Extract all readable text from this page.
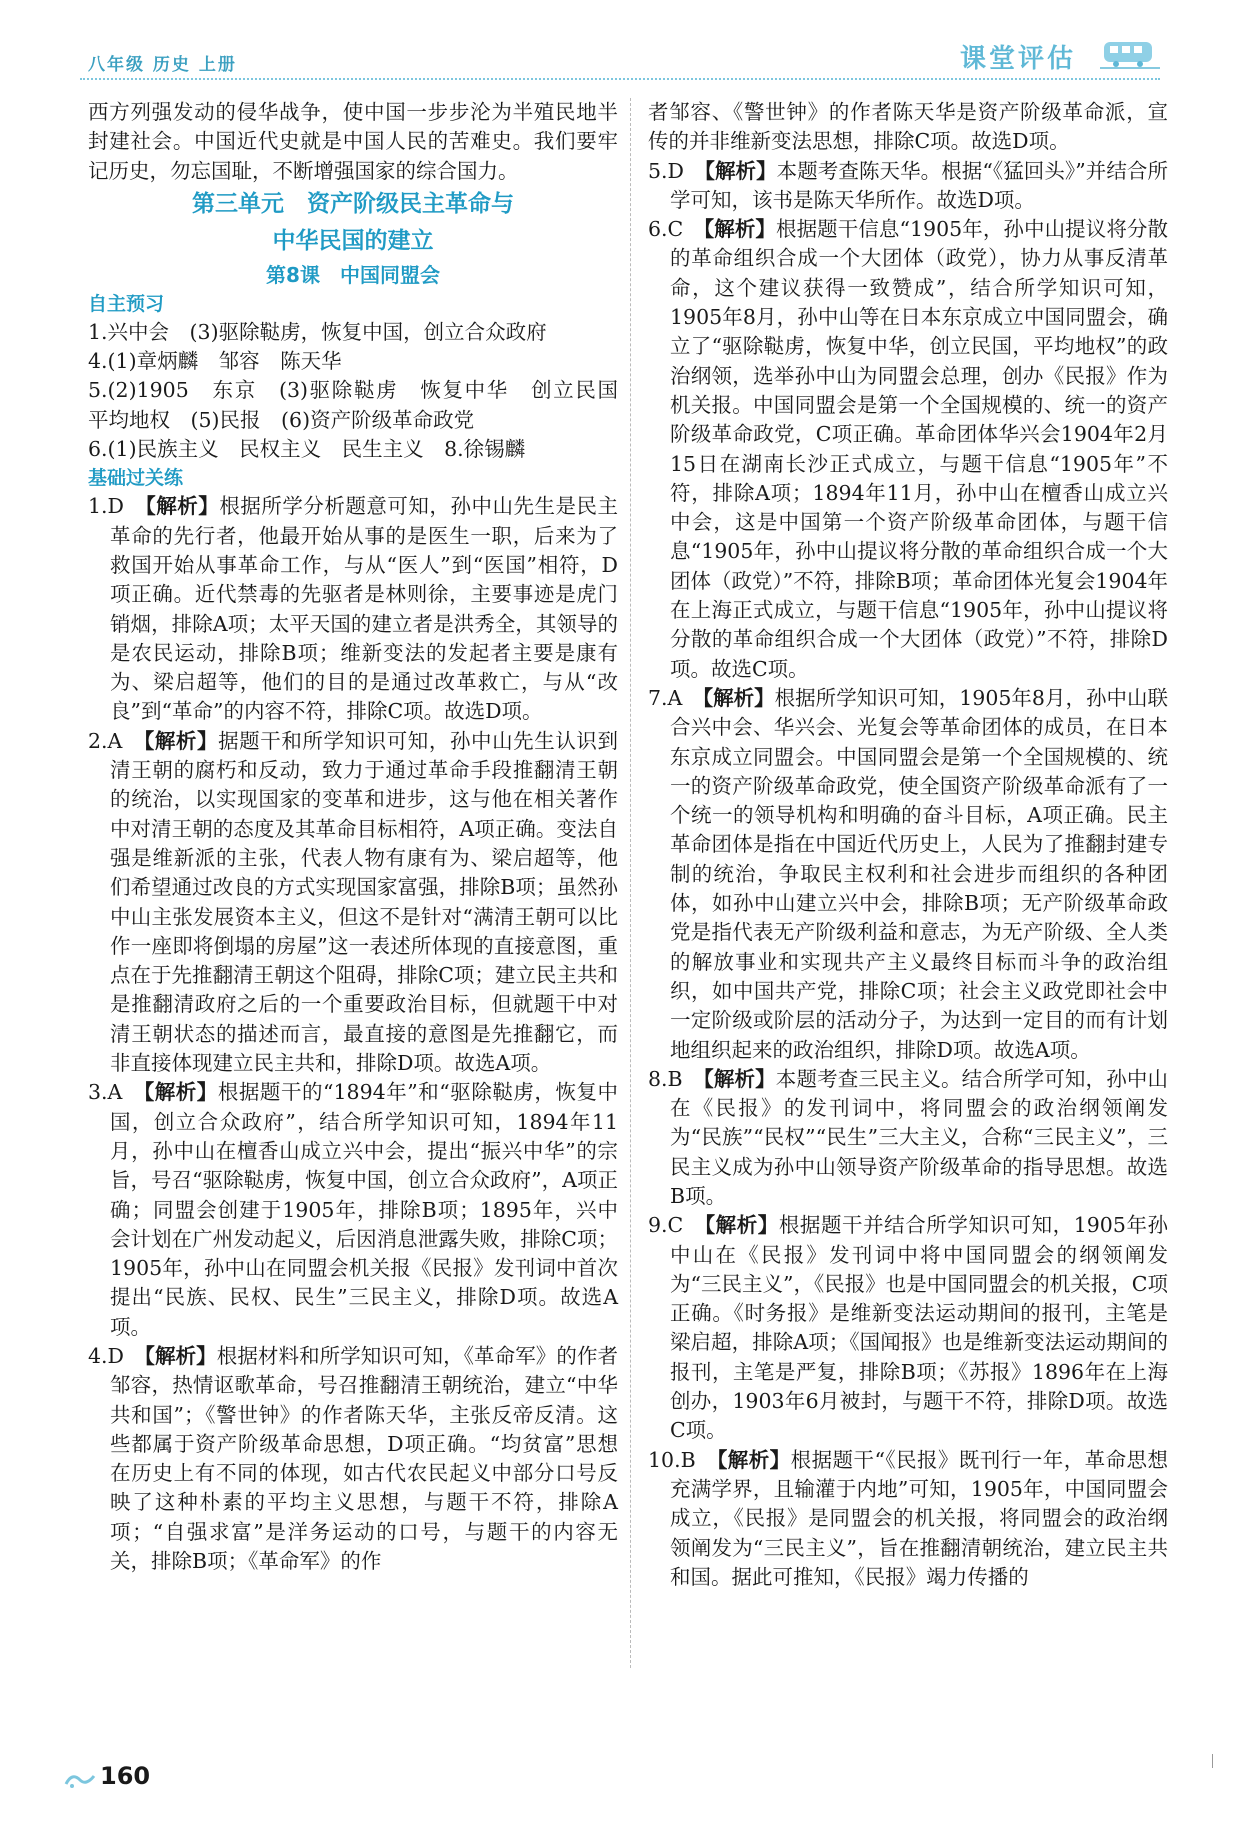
八年级 历史 上册	课堂评估

西方列强发动的侵华战争，使中国一步步沦为半殖民地半封建社会。中国近代史就是中国人民的苦难史。我们要牢记历史，勿忘国耻，不断增强国家的综合国力。

第三单元　资产阶级民主革命与
中华民国的建立
第8课　中国同盟会
自主预习

1.兴中会　(3)驱除鞑虏，恢复中国，创立合众政府

4.(1)章炳麟　邹容　陈天华

5.(2)1905　东京　(3)驱除鞑虏　恢复中华　创立民国　平均地权　(5)民报　(6)资产阶级革命政党

6.(1)民族主义　民权主义　民生主义　8.徐锡麟

基础过关练

1.D　 【解析】根据所学分析题意可知，孙中山先生是民主革命的先行者，他最开始从事的是医生一职，后来为了救国开始从事革命工作，与从“医人”到“医国”相符，D项正确。近代禁毒的先驱者是林则徐，主要事迹是虎门销烟，排除A项；太平天国的建立者是洪秀全，其领导的是农民运动，排除B项；维新变法的发起者主要是康有为、梁启超等，他们的目的是通过改革救亡，与从“改良”到“革命”的内容不符，排除C项。故选D项。

2.A　 【解析】据题干和所学知识可知，孙中山先生认识到清王朝的腐朽和反动，致力于通过革命手段推翻清王朝的统治，以实现国家的变革和进步，这与他在相关著作中对清王朝的态度及其革命目标相符，A项正确。变法自强是维新派的主张，代表人物有康有为、梁启超等，他们希望通过改良的方式实现国家富强，排除B项；虽然孙中山主张发展资本主义，但这不是针对“满清王朝可以比作一座即将倒塌的房屋”这一表述所体现的直接意图，重点在于先推翻清王朝这个阻碍，排除C项；建立民主共和是推翻清政府之后的一个重要政治目标，但就题干中对清王朝状态的描述而言，最直接的意图是先推翻它，而非直接体现建立民主共和，排除D项。故选A项。

3.A　 【解析】根据题干的“1894年”和“驱除鞑虏，恢复中国，创立合众政府”，结合所学知识可知，1894年11月，孙中山在檀香山成立兴中会，提出“振兴中华”的宗旨，号召“驱除鞑虏，恢复中国，创立合众政府”，A项正确；同盟会创建于1905年，排除B项；1895年，兴中会计划在广州发动起义，后因消息泄露失败，排除C项；1905年，孙中山在同盟会机关报《民报》发刊词中首次提出“民族、民权、民生”三民主义，排除D项。故选A项。

4.D　 【解析】根据材料和所学知识可知，《革命军》的作者邹容，热情讴歌革命，号召推翻清王朝统治，建立“中华共和国”；《警世钟》的作者陈天华，主张反帝反清。这些都属于资产阶级革命思想，D项正确。“均贫富”思想在历史上有不同的体现，如古代农民起义中部分口号反映了这种朴素的平均主义思想，与题干不符，排除A项；“自强求富”是洋务运动的口号，与题干的内容无关，排除B项；《革命军》的作

者邹容、《警世钟》的作者陈天华是资产阶级革命派，宣传的并非维新变法思想，排除C项。故选D项。

5.D　 【解析】本题考查陈天华。根据“《猛回头》”并结合所学可知，该书是陈天华所作。故选D项。

6.C　 【解析】根据题干信息“1905年，孙中山提议将分散的革命组织合成一个大团体（政党），协力从事反清革命，这个建议获得一致赞成”，结合所学知识可知，1905年8月，孙中山等在日本东京成立中国同盟会，确立了“驱除鞑虏，恢复中华，创立民国，平均地权”的政治纲领，选举孙中山为同盟会总理，创办《民报》作为机关报。中国同盟会是第一个全国规模的、统一的资产阶级革命政党，C项正确。革命团体华兴会1904年2月15日在湖南长沙正式成立，与题干信息“1905年”不符，排除A项；1894年11月，孙中山在檀香山成立兴中会，这是中国第一个资产阶级革命团体，与题干信息“1905年，孙中山提议将分散的革命组织合成一个大团体（政党）”不符，排除B项；革命团体光复会1904年在上海正式成立，与题干信息“1905年，孙中山提议将分散的革命组织合成一个大团体（政党）”不符，排除D项。故选C项。

7.A　 【解析】根据所学知识可知，1905年8月，孙中山联合兴中会、华兴会、光复会等革命团体的成员，在日本东京成立同盟会。中国同盟会是第一个全国规模的、统一的资产阶级革命政党，使全国资产阶级革命派有了一个统一的领导机构和明确的奋斗目标，A项正确。民主革命团体是指在中国近代历史上，人民为了推翻封建专制的统治，争取民主权利和社会进步而组织的各种团体，如孙中山建立兴中会，排除B项；无产阶级革命政党是指代表无产阶级利益和意志，为无产阶级、全人类的解放事业和实现共产主义最终目标而斗争的政治组织，如中国共产党，排除C项；社会主义政党即社会中一定阶级或阶层的活动分子，为达到一定目的而有计划地组织起来的政治组织，排除D项。故选A项。

8.B　 【解析】本题考查三民主义。结合所学可知，孙中山在《民报》的发刊词中，将同盟会的政治纲领阐发为“民族”“民权”“民生”三大主义，合称“三民主义”，三民主义成为孙中山领导资产阶级革命的指导思想。故选B项。

9.C　 【解析】根据题干并结合所学知识可知，1905年孙中山在《民报》发刊词中将中国同盟会的纲领阐发为“三民主义”，《民报》也是中国同盟会的机关报，C项正确。《时务报》是维新变法运动期间的报刊，主笔是梁启超，排除A项；《国闻报》也是维新变法运动期间的报刊，主笔是严复，排除B项；《苏报》1896年在上海创办，1903年6月被封，与题干不符，排除D项。故选C项。

10.B　 【解析】根据题干“《民报》既刊行一年，革命思想充满学界，且输灌于内地”可知，1905年，中国同盟会成立，《民报》是同盟会的机关报，将同盟会的政治纲领阐发为“三民主义”，旨在推翻清朝统治，建立民主共和国。据此可推知，《民报》竭力传播的

160
